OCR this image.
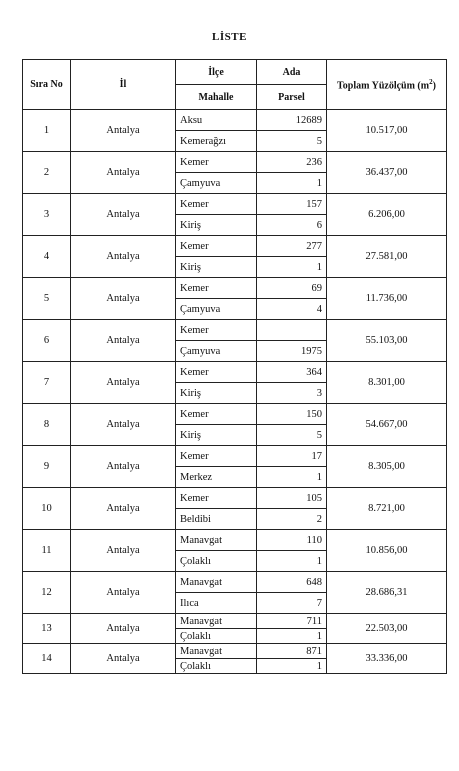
LİSTE
Sıra No	İl	İlçe	Ada	Toplam Yüzölçüm $(m^2)$
		Mahalle	Parsel	
1	Antalya	Aksu	12689	10.517,00
		Kemerağzı	5	
2	Antalya	Kemer	236	36.437,00
		Çamyuva	1	
3	Antalya	Kemer	157	6.206,00
		Kiriş	6	
4	Antalya	Kemer	277	27.581,00
		Kiriş	1	
5	Antalya	Kemer	69	11.736,00
		Çamyuva	4	
6	Antalya	Kemer		55.103,00
		Çamyuva	1975	
7	Antalya	Kemer	364	8.301,00
		Kiriş	3	
8	Antalya	Kemer	150	54.667,00
		Kiriş	5	
9	Antalya	Kemer	17	8.305,00
		Merkez	1	
10	Antalya	Kemer	105	8.721,00
		Beldibi	2	
11	Antalya	Manavgat	110	10.856,00
		Çolaklı	1	
12	Antalya	Manavgat	648	28.686,31
		Ilıca	7	
13	Antalya	Manavgat	711	22.503,00
		Çolaklı	1	
14	Antalya	Manavgat	871	33.336,00
		Çolaklı	1	
